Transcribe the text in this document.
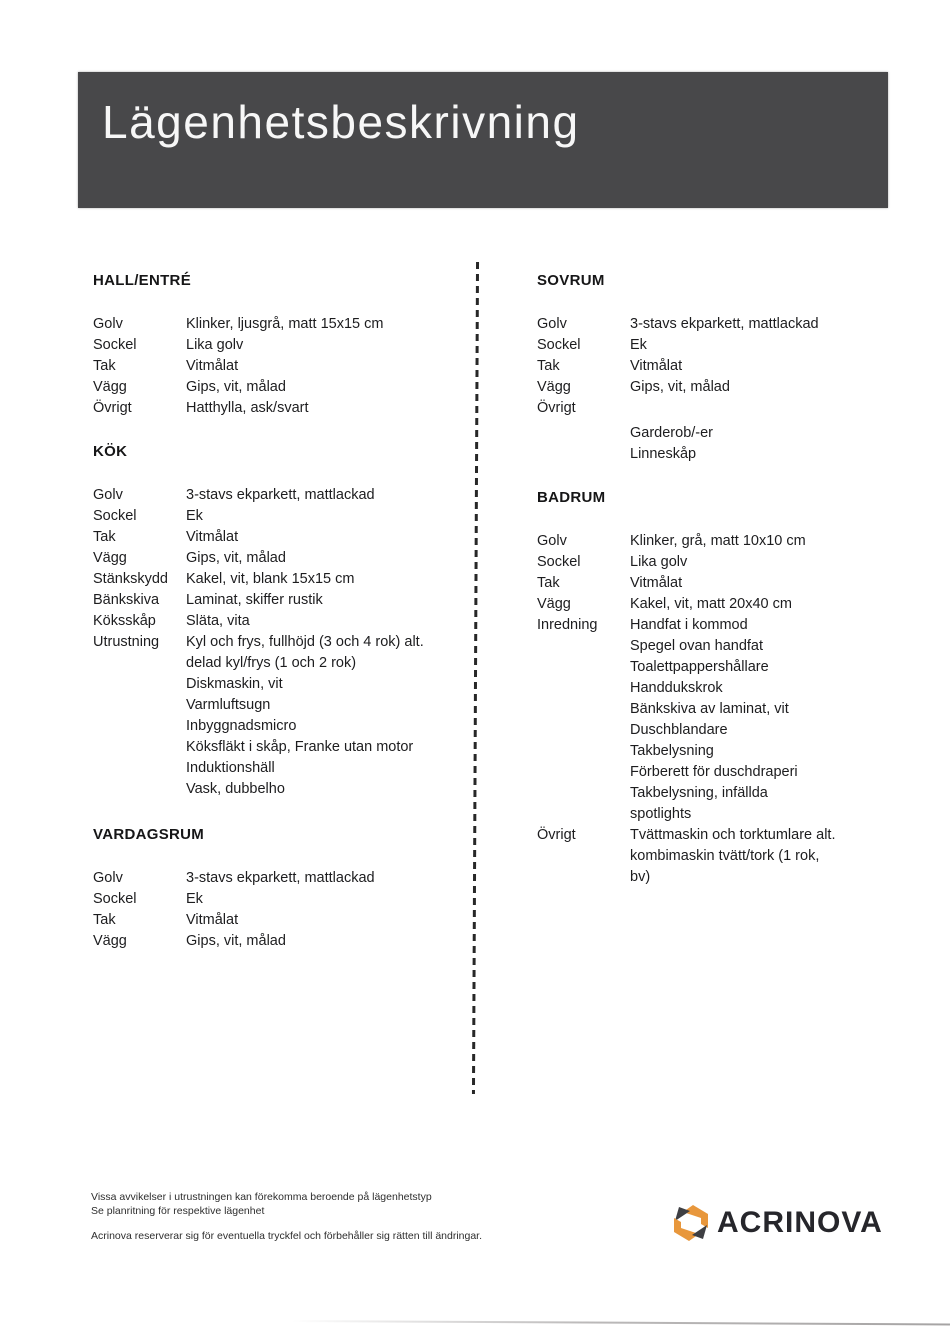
Lägenhetsbeskrivning
HALL/ENTRÉ
Golv	Klinker, ljusgrå, matt 15x15 cm
Sockel	Lika golv
Tak	Vitmålat
Vägg	Gips, vit, målad
Övrigt	Hatthylla, ask/svart
KÖK
Golv	3-stavs ekparkett, mattlackad
Sockel	Ek
Tak	Vitmålat
Vägg	Gips, vit, målad
Stänkskydd	Kakel, vit, blank 15x15 cm
Bänkskiva	Laminat, skiffer rustik
Köksskåp	Släta, vita
Utrustning	Kyl och frys, fullhöjd (3 och 4 rok) alt.
delad kyl/frys (1 och 2 rok)
Diskmaskin, vit
Varmluftsugn
Inbyggnadsmicro
Köksfläkt i skåp, Franke utan motor
Induktionshäll
Vask, dubbelho
VARDAGSRUM
Golv	3-stavs ekparkett, mattlackad
Sockel	Ek
Tak	Vitmålat
Vägg	Gips, vit, målad
SOVRUM
Golv	3-stavs ekparkett, mattlackad
Sockel	Ek
Tak	Vitmålat
Vägg	Gips, vit, målad
Övrigt
Garderob/-er
Linneskåp
BADRUM
Golv	Klinker, grå, matt 10x10 cm
Sockel	Lika golv
Tak	Vitmålat
Vägg	Kakel, vit, matt 20x40 cm
Inredning	Handfat i kommod
Spegel ovan handfat
Toalettpappershållare
Handdukskrok
Bänkskiva av laminat, vit
Duschblandare
Takbelysning
Förberett för duschdraperi
Takbelysning, infällda
spotlights
Övrigt	Tvättmaskin och torktumlare alt.
kombimaskin tvätt/tork (1 rok,
bv)
Vissa avvikelser i utrustningen kan förekomma beroende på lägenhetstyp
Se planritning för respektive lägenhet
Acrinova reserverar sig för eventuella tryckfel och förbehåller sig rätten till ändringar.	ACRINOVA
